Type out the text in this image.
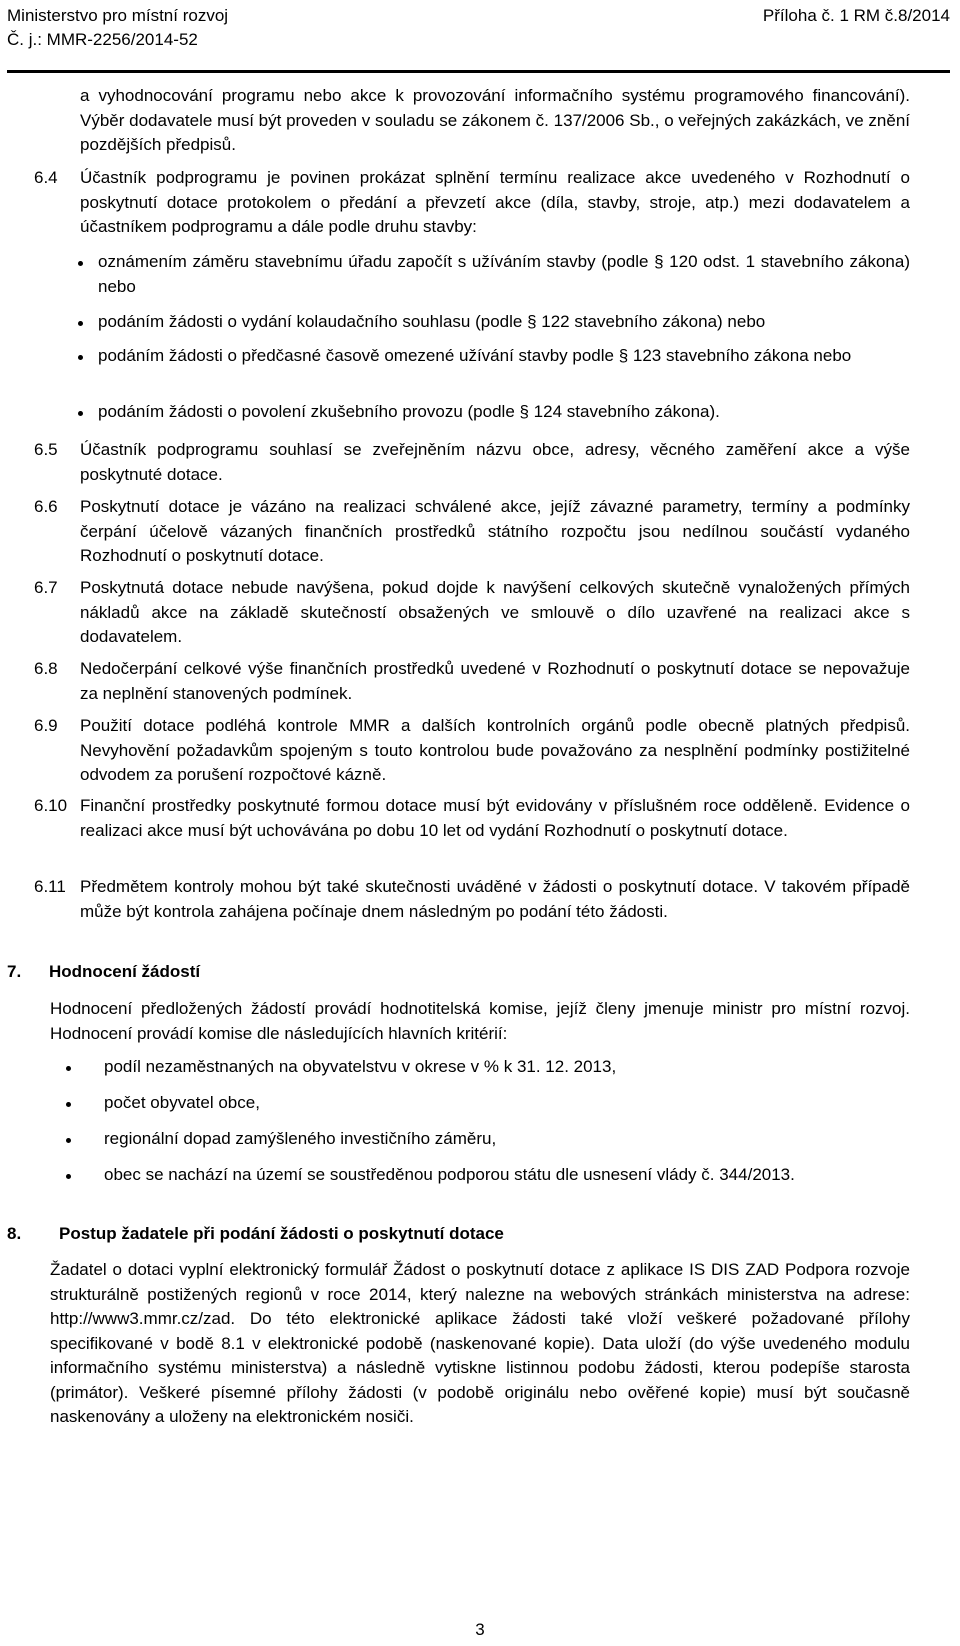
Ministerstvo pro místní rozvoj
Č. j.: MMR-2256/2014-52
Příloha č. 1 RM č.8/2014

a vyhodnocování programu nebo akce k provozování informačního systému programového financování). Výběr dodavatele musí být proveden v souladu se zákonem č. 137/2006 Sb., o veřejných zakázkách, ve znění pozdějších předpisů.

6.4	Účastník podprogramu je povinen prokázat splnění termínu realizace akce uvedeného v Rozhodnutí o poskytnutí dotace protokolem o předání a převzetí akce (díla, stavby, stroje, atp.) mezi dodavatelem a účastníkem podprogramu a dále podle druhu stavby:
oznámením záměru stavebnímu úřadu započít s užíváním stavby (podle § 120 odst. 1 stavebního zákona) nebo
podáním žádosti o vydání kolaudačního souhlasu (podle § 122 stavebního zákona) nebo
podáním žádosti o předčasné časově omezené užívání stavby podle § 123 stavebního zákona nebo
podáním žádosti o povolení zkušebního provozu (podle § 124 stavebního zákona).
6.5	Účastník podprogramu souhlasí se zveřejněním názvu obce, adresy, věcného zaměření akce a výše poskytnuté dotace.
6.6	Poskytnutí dotace je vázáno na realizaci schválené akce, jejíž závazné parametry, termíny a podmínky čerpání účelově vázaných finančních prostředků státního rozpočtu jsou nedílnou součástí vydaného Rozhodnutí o poskytnutí dotace.
6.7	Poskytnutá dotace nebude navýšena, pokud dojde k navýšení celkových skutečně vynaložených přímých nákladů akce na základě skutečností obsažených ve smlouvě o dílo uzavřené na realizaci akce s dodavatelem.
6.8	Nedočerpání celkové výše finančních prostředků uvedené v Rozhodnutí o poskytnutí dotace se nepovažuje za neplnění stanovených podmínek.
6.9	Použití dotace podléhá kontrole MMR a dalších kontrolních orgánů podle obecně platných předpisů. Nevyhovění požadavkům spojeným s touto kontrolou bude považováno za nesplnění podmínky postižitelné odvodem za porušení rozpočtové kázně.
6.10 Finanční prostředky poskytnuté formou dotace musí být evidovány v příslušném roce odděleně. Evidence o realizaci akce musí být uchovávána po dobu 10 let od vydání Rozhodnutí o poskytnutí dotace.
6.11 Předmětem kontroly mohou být také skutečnosti uváděné v žádosti o poskytnutí dotace. V takovém případě může být kontrola zahájena počínaje dnem následným po podání této žádosti.
7. Hodnocení žádostí

Hodnocení předložených žádostí provádí hodnotitelská komise, jejíž členy jmenuje ministr pro místní rozvoj. Hodnocení provádí komise dle následujících hlavních kritérií:

podíl nezaměstnaných na obyvatelstvu v okrese v % k 31. 12. 2013,
počet obyvatel obce,
regionální dopad zamýšleného investičního záměru,
obec se nachází na území se soustředěnou podporou státu dle usnesení vlády č. 344/2013.
8. Postup žadatele při podání žádosti o poskytnutí dotace

Žadatel o dotaci vyplní elektronický formulář Žádost o poskytnutí dotace z aplikace IS DIS ZAD Podpora rozvoje strukturálně postižených regionů v roce 2014, který nalezne na webových stránkách ministerstva na adrese: http://www3.mmr.cz/zad. Do této elektronické aplikace žádosti také vloží veškeré požadované přílohy specifikované v bodě 8.1 v elektronické podobě (naskenované kopie). Data uloží (do výše uvedeného modulu informačního systému ministerstva) a následně vytiskne listinnou podobu žádosti, kterou podepíše starosta (primátor). Veškeré písemné přílohy žádosti (v podobě originálu nebo ověřené kopie) musí být současně naskenovány a uloženy na elektronickém nosiči.

3
